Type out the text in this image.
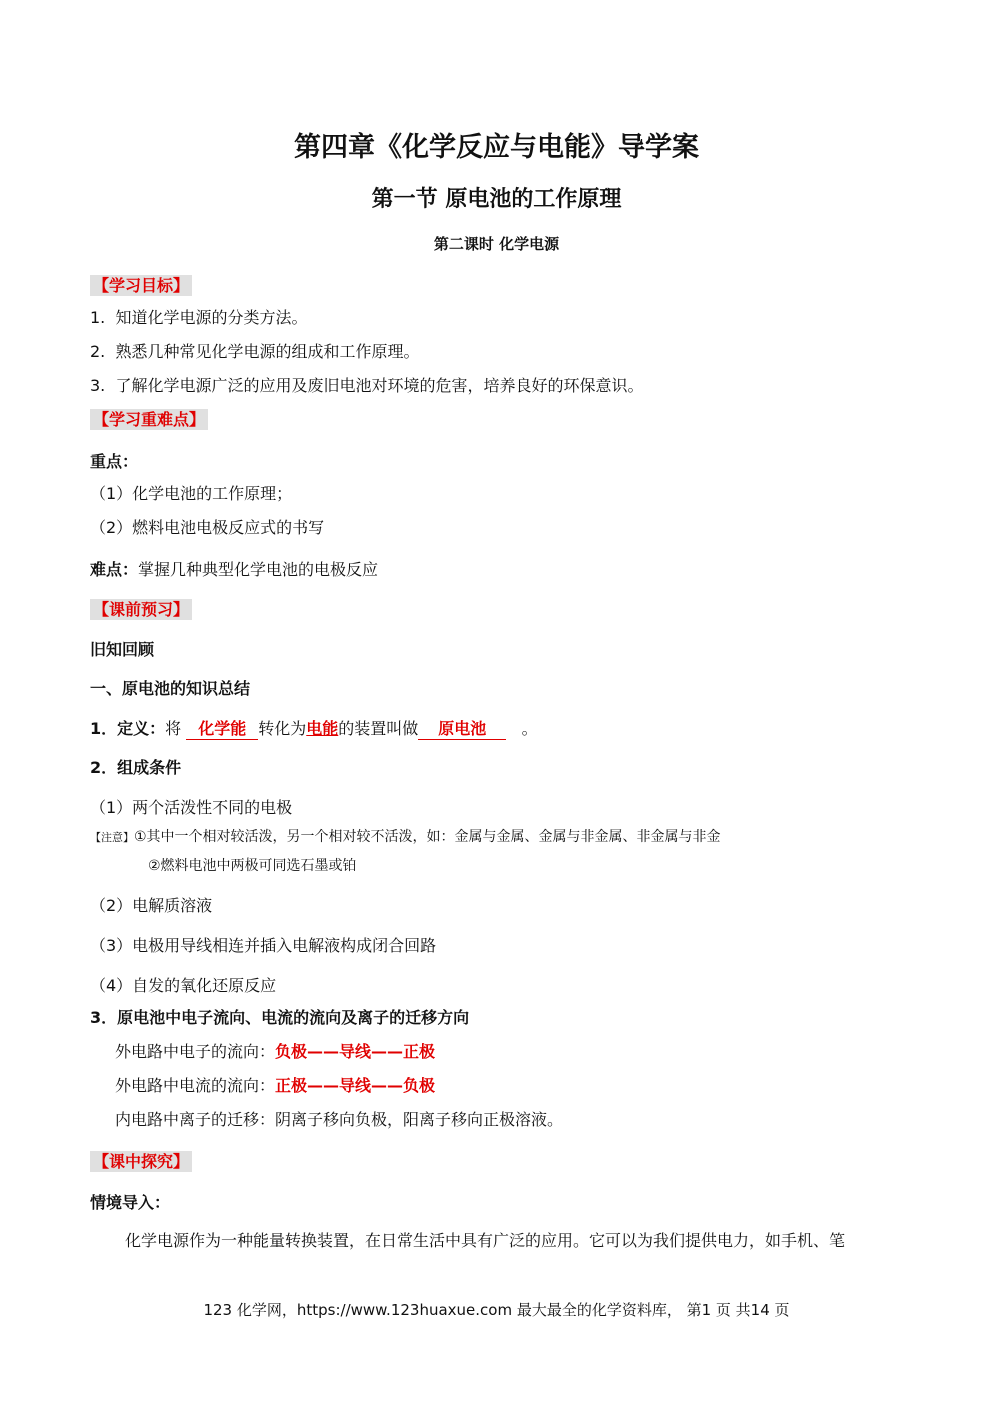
第四章《化学反应与电能》导学案
第一节 原电池的工作原理
第二课时 化学电源
【学习目标】
1. 知道化学电源的分类方法。
2. 熟悉几种常见化学电源的组成和工作原理。
3. 了解化学电源广泛的应用及废旧电池对环境的危害，培养良好的环保意识。
【学习重难点】
重点：
（1）化学电池的工作原理；
（2）燃料电池电极反应式的书写
难点：掌握几种典型化学电池的电极反应
【课前预习】
旧知回顾
一、原电池的知识总结
1．定义：将 化学能 转化为电能的装置叫做 原电池 。
2．组成条件
（1）两个活泼性不同的电极
【注意】①其中一个相对较活泼，另一个相对较不活泼，如：金属与金属、金属与非金属、非金属与非金
②燃料电池中两极可同选石墨或铂
（2）电解质溶液
（3）电极用导线相连并插入电解液构成闭合回路
（4）自发的氧化还原反应
3．原电池中电子流向、电流的流向及离子的迁移方向
外电路中电子的流向：负极——导线——正极
外电路中电流的流向：正极——导线——负极
内电路中离子的迁移：阴离子移向负极，阳离子移向正极溶液。
【课中探究】
情境导入：
化学电源作为一种能量转换装置，在日常生活中具有广泛的应用。它可以为我们提供电力，如手机、笔
123 化学网，https://www.123huaxue.com 最大最全的化学资料库， 第1 页 共14 页
